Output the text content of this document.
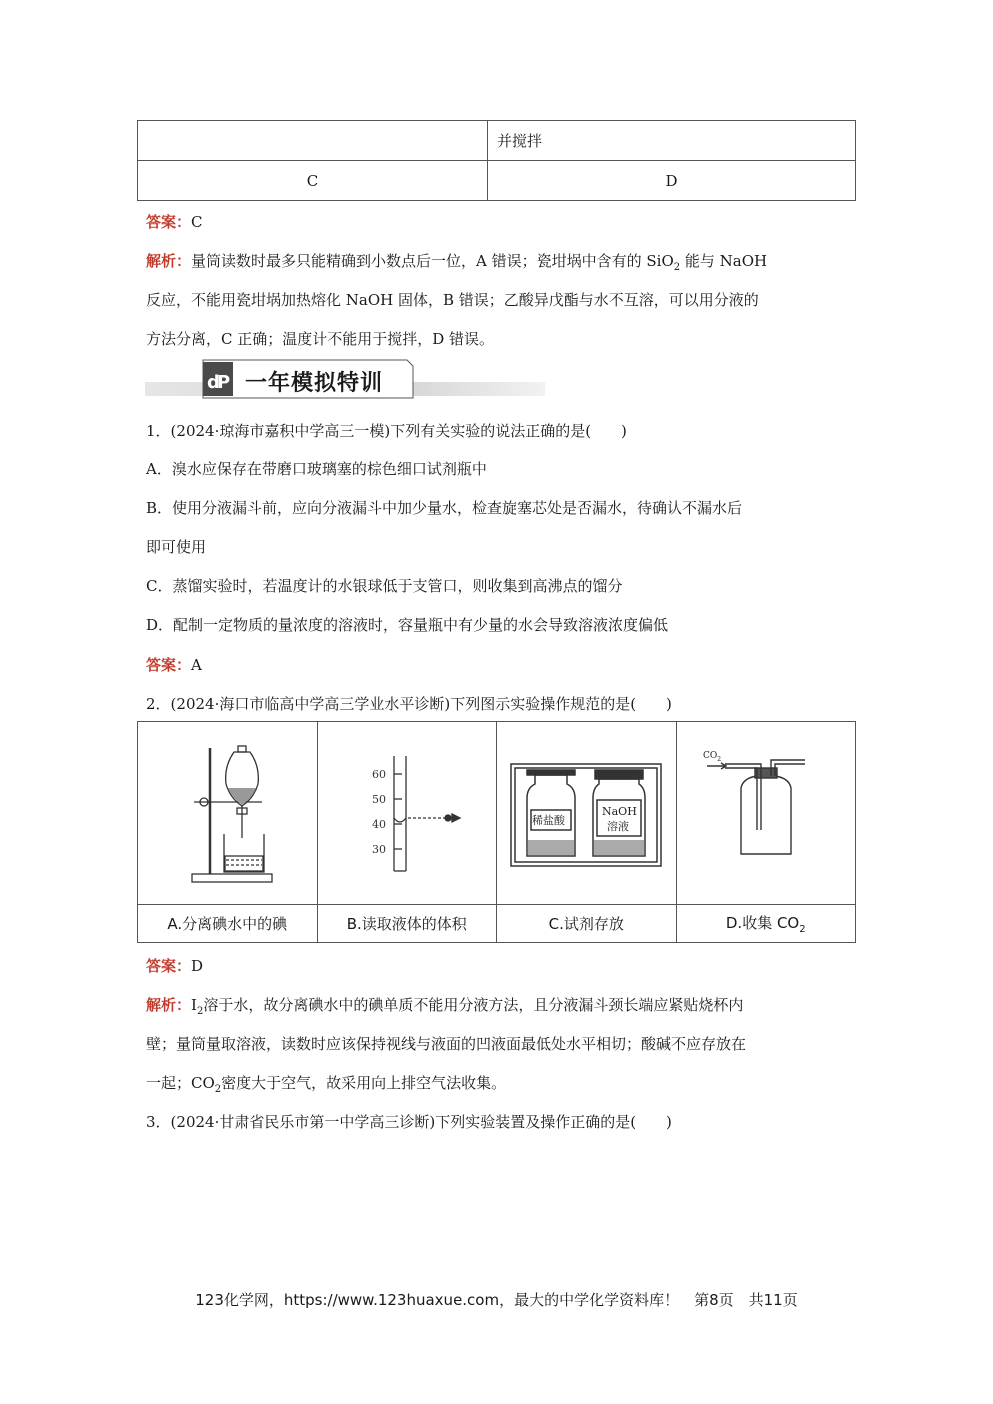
	并搅拌
C	D
答案：C
解析：量筒读数时最多只能精确到小数点后一位，A 错误；瓷坩埚中含有的 SiO$_2$ 能与 NaOH
反应，不能用瓷坩埚加热熔化 NaOH 固体，B 错误；乙酸异戊酯与水不互溶，可以用分液的
方法分离，C 正确；温度计不能用于搅拌，D 错误。
d
P 一年模拟特训
1．(2024·琼海市嘉积中学高三一模)下列有关实验的说法正确的是(　　)
A．溴水应保存在带磨口玻璃塞的棕色细口试剂瓶中
B．使用分液漏斗前，应向分液漏斗中加少量水，检查旋塞芯处是否漏水，待确认不漏水后
即可使用
C．蒸馏实验时，若温度计的水银球低于支管口，则收集到高沸点的馏分
D．配制一定物质的量浓度的溶液时，容量瓶中有少量的水会导致溶液浓度偏低
答案：A
2．(2024·海口市临高中学高三学业水平诊断)下列图示实验操作规范的是(　　)

60
50
40
30	稀盐酸
NaOH
溶液	$CO_2$

A.分离碘水中的碘	B.读取液体的体积	C.试剂存放	D.收集 $CO_2$
答案：D
解析：$I_2$溶于水，故分离碘水中的碘单质不能用分液方法，且分液漏斗颈长端应紧贴烧杯内
壁；量筒量取溶液，读数时应该保持视线与液面的凹液面最低处水平相切；酸碱不应存放在
一起；$CO_2$密度大于空气，故采用向上排空气法收集。
3．(2024·甘肃省民乐市第一中学高三诊断)下列实验装置及操作正确的是(　　)
123化学网，https://www.123huaxue.com，最大的中学化学资料库！　第8页　共11页
